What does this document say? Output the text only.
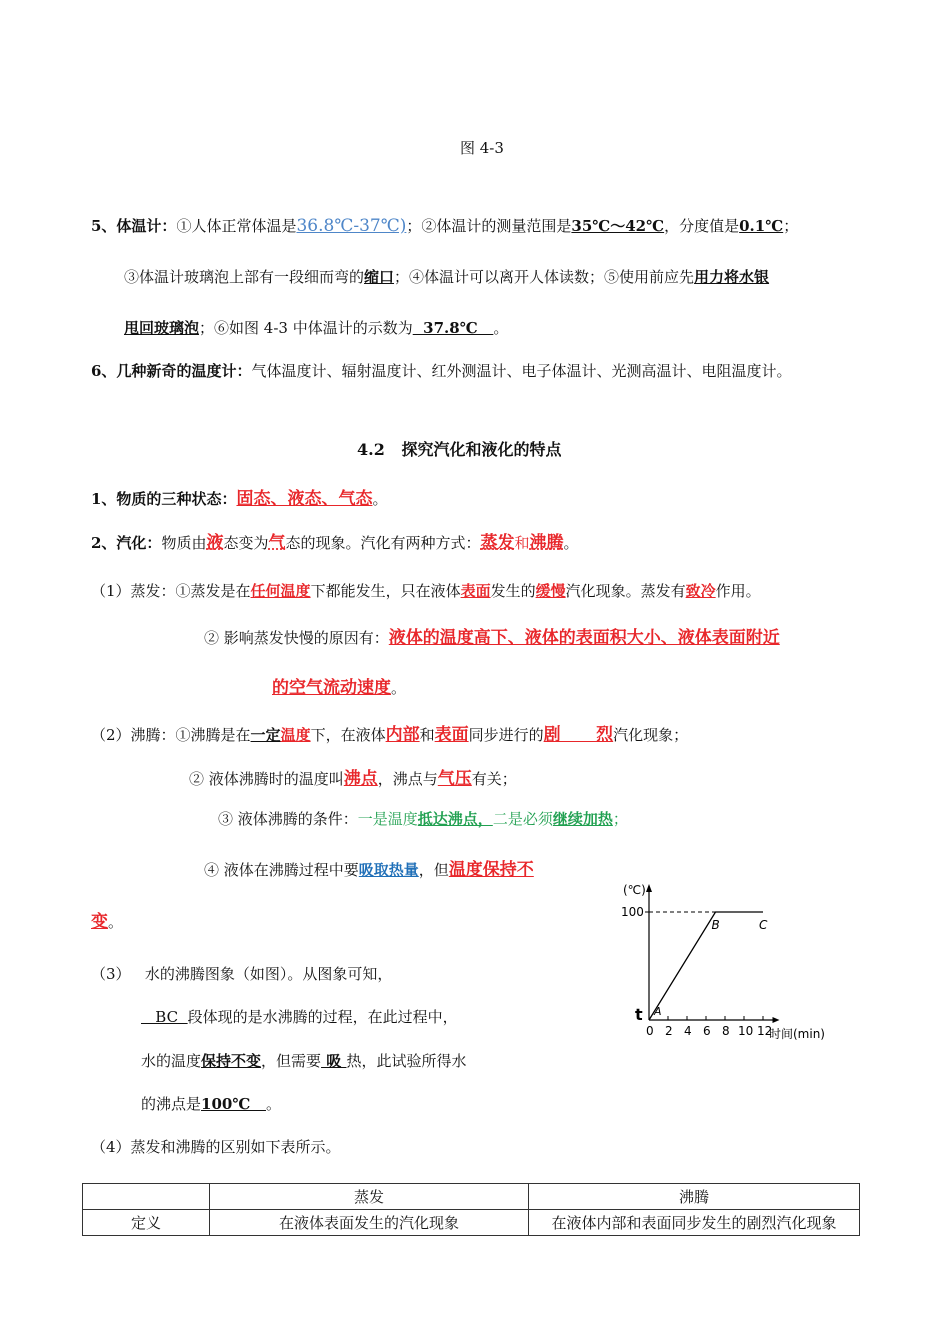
图 4-3
5、体温计：①人体正常体温是36.8℃-37℃)；②体温计的测量范围是35℃～42℃，分度值是0.1℃；
③体温计玻璃泡上部有一段细而弯的缩口；④体温计可以离开人体读数；⑤使用前应先用力将水银
甩回玻璃泡；⑥如图 4-3 中体温计的示数为  37.8℃   。
6、几种新奇的温度计：气体温度计、辐射温度计、红外测温计、电子体温计、光测高温计、电阻温度计。
4.2   探究汽化和液化的特点
1、物质的三种状态：固态、液态、气态。
2、汽化：物质由液态变为气态的现象。汽化有两种方式：蒸发和沸腾。
（1）蒸发：①蒸发是在任何温度下都能发生，只在液体表面发生的缓慢汽化现象。蒸发有致冷作用。
② 影响蒸发快慢的原因有：液体的温度高下、液体的表面积大小、液体表面附近
的空气流动速度。
（2）沸腾：①沸腾是在一定温度下，在液体内部和表面同步进行的剧      烈汽化现象；
② 液体沸腾时的温度叫沸点，沸点与气压有关；
③ 液体沸腾的条件：一是温度抵达沸点，二是必须继续加热；
④ 液体在沸腾过程中要吸取热量，但温度保持不
变。
（3）   水的沸腾图象（如图）。从图象可知，
BC  段体现的是水沸腾的过程，在此过程中，
水的温度保持不变，但需要 吸 热，此试验所得水
的沸点是100℃   。
(℃)
时间(min)
0 2 4 6 8 10 12
100
A
B	C
t
（4）蒸发和沸腾的区别如下表所示。
	蒸发	沸腾
定义	在液体表面发生的汽化现象	在液体内部和表面同步发生的剧烈汽化现象
